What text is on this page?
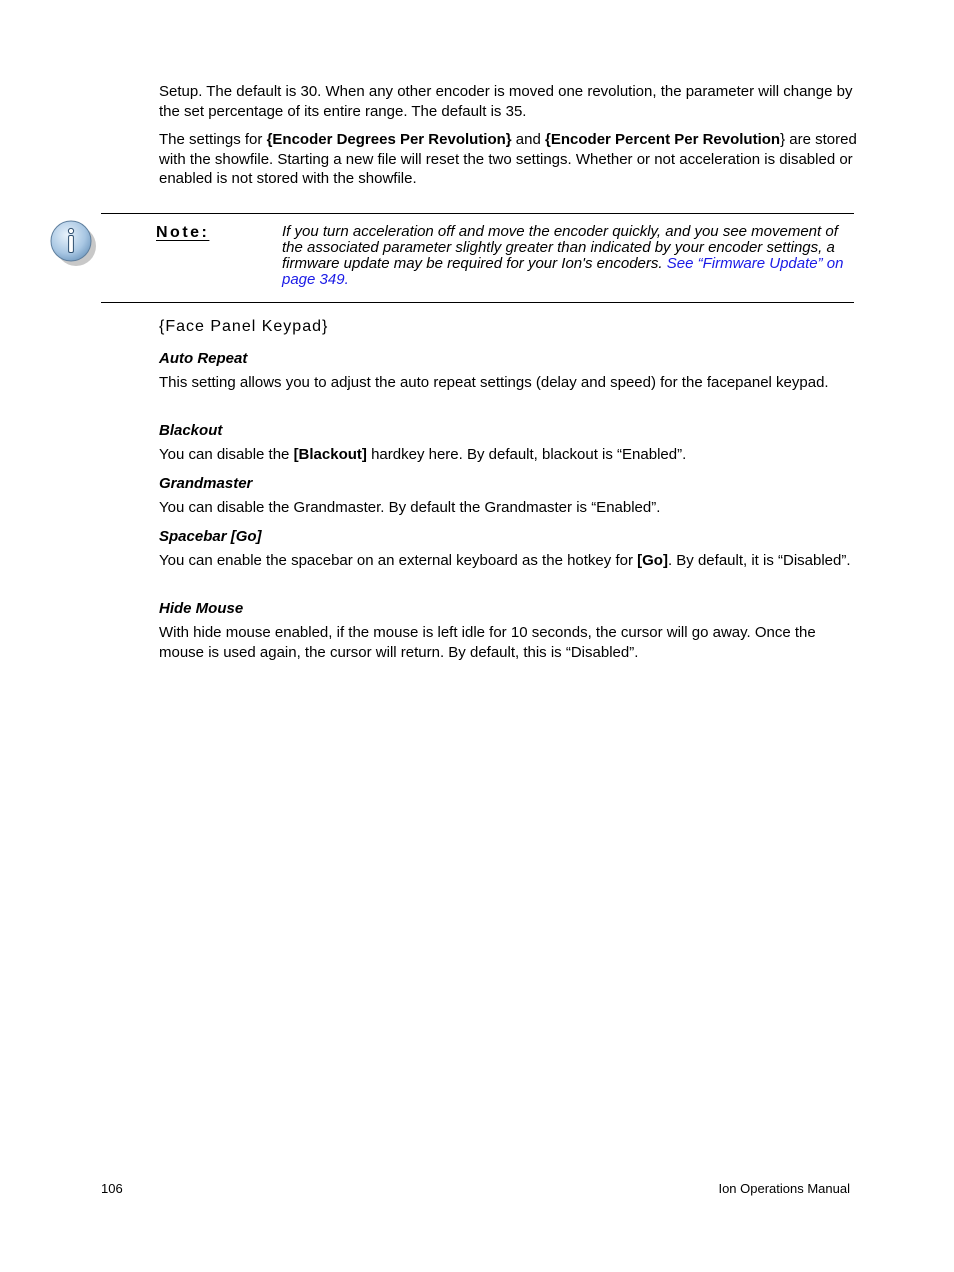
Setup. The default is 30. When any other encoder is moved one revolution, the parameter will change by the set percentage of its entire range. The default is 35.

The settings for {Encoder Degrees Per Revolution} and {Encoder Percent Per Revolution} are stored with the showfile. Starting a new file will reset the two settings. Whether or not acceleration is disabled or enabled is not stored with the showfile.

Note:	If you turn acceleration off and move the encoder quickly, and you see movement of the associated parameter slightly greater than indicated by your encoder settings, a firmware update may be required for your Ion's encoders. See “Firmware Update” on page 349.
{Face Panel Keypad}
Auto Repeat

This setting allows you to adjust the auto repeat settings (delay and speed) for the facepanel keypad.

Blackout

You can disable the [Blackout] hardkey here. By default, blackout is “Enabled”.

Grandmaster

You can disable the Grandmaster. By default the Grandmaster is “Enabled”.

Spacebar [Go]

You can enable the spacebar on an external keyboard as the hotkey for [Go]. By default, it is “Disabled”.

Hide Mouse

With hide mouse enabled, if the mouse is left idle for 10 seconds, the cursor will go away. Once the mouse is used again, the cursor will return. By default, this is “Disabled”.

106	Ion Operations Manual
